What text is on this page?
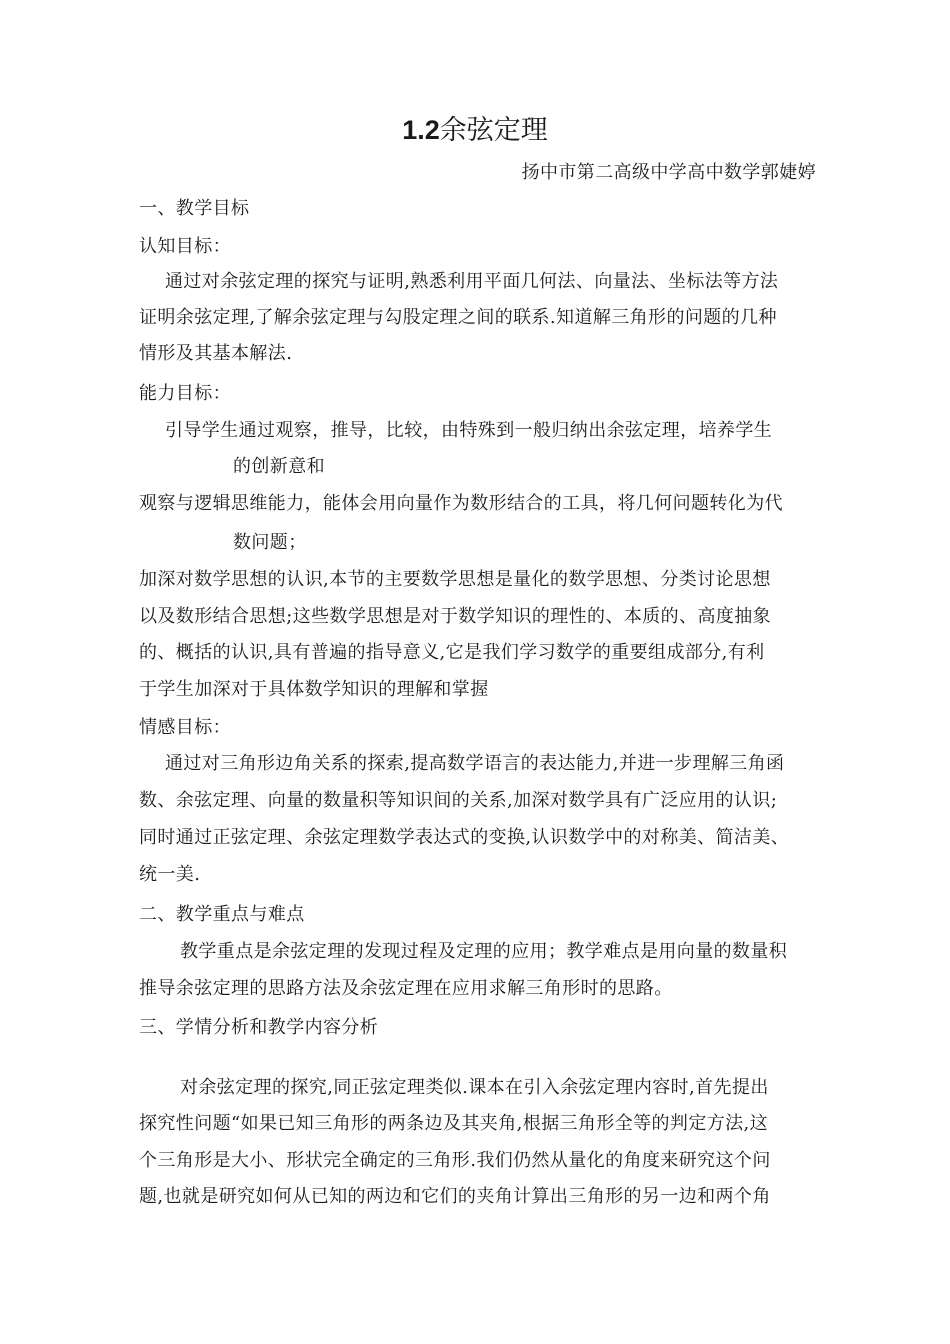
1.2余弦定理
扬中市第二高级中学高中数学郭婕婷
一、教学目标
认知目标：
通过对余弦定理的探究与证明,熟悉利用平面几何法、向量法、坐标法等方法
证明余弦定理,了解余弦定理与勾股定理之间的联系.知道解三角形的问题的几种
情形及其基本解法.
能力目标：
引导学生通过观察，推导，比较，由特殊到一般归纳出余弦定理，培养学生
的创新意和
观察与逻辑思维能力，能体会用向量作为数形结合的工具，将几何问题转化为代
数问题；
加深对数学思想的认识,本节的主要数学思想是量化的数学思想、分类讨论思想
以及数形结合思想;这些数学思想是对于数学知识的理性的、本质的、高度抽象
的、概括的认识,具有普遍的指导意义,它是我们学习数学的重要组成部分,有利
于学生加深对于具体数学知识的理解和掌握
情感目标：
通过对三角形边角关系的探索,提高数学语言的表达能力,并进一步理解三角函
数、余弦定理、向量的数量积等知识间的关系,加深对数学具有广泛应用的认识;
同时通过正弦定理、余弦定理数学表达式的变换,认识数学中的对称美、简洁美、
统一美.
二、教学重点与难点
教学重点是余弦定理的发现过程及定理的应用；教学难点是用向量的数量积
推导余弦定理的思路方法及余弦定理在应用求解三角形时的思路。
三、学情分析和教学内容分析
对余弦定理的探究,同正弦定理类似.课本在引入余弦定理内容时,首先提出
探究性问题“如果已知三角形的两条边及其夹角,根据三角形全等的判定方法,这
个三角形是大小、形状完全确定的三角形.我们仍然从量化的角度来研究这个问
题,也就是研究如何从已知的两边和它们的夹角计算出三角形的另一边和两个角
